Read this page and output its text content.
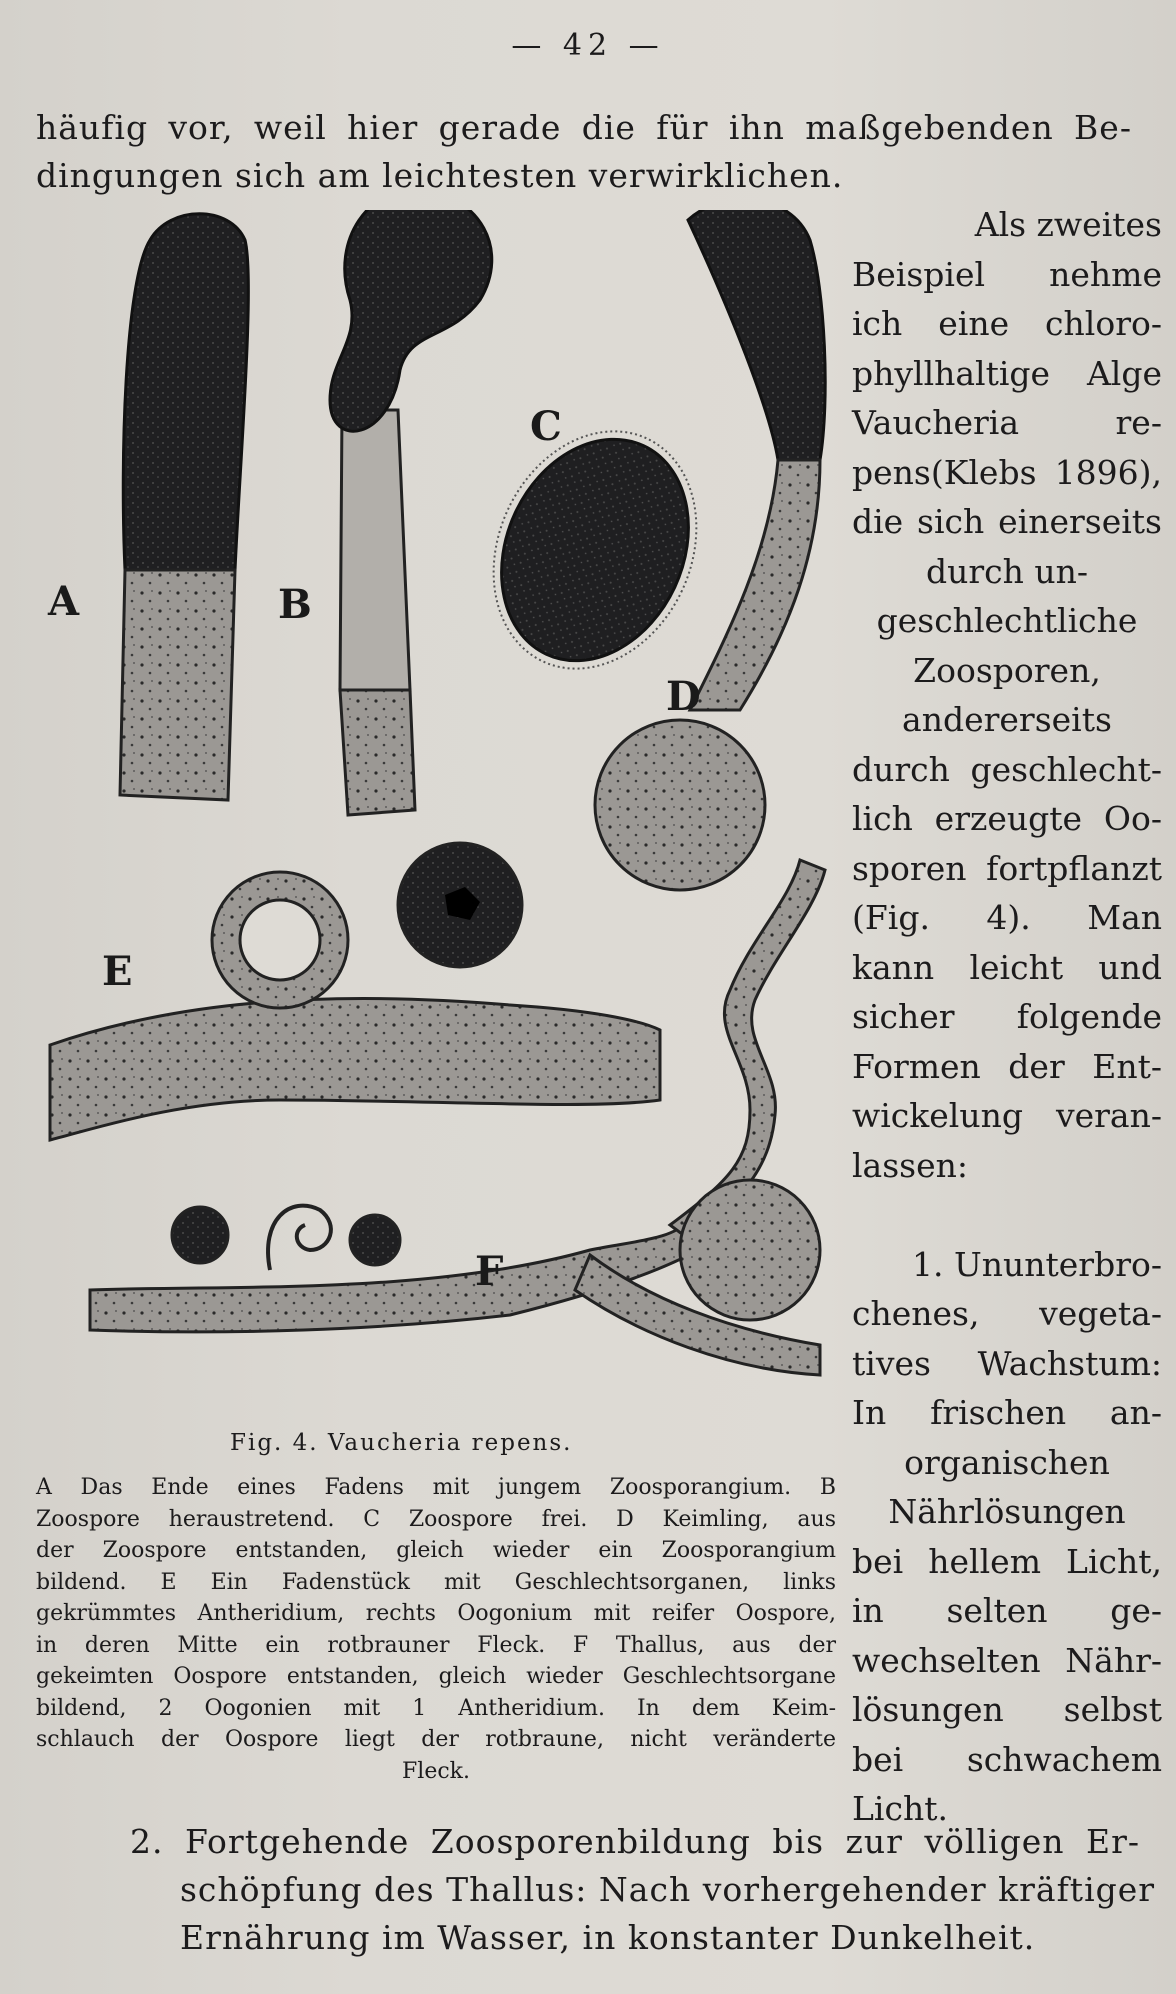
— 42 —
häufig vor, weil hier gerade die für ihn maßgebenden Be-
dingungen sich am leichtesten verwirklichen.
A	B
C
D
E
F
Als zweites
Beispiel nehme
ich eine chloro-
phyllhaltige Alge
Vaucheria re-
pens(Klebs 1896),
die sich einerseits
durch un-
geschlechtliche
Zoosporen,
andererseits
durch geschlecht-
lich erzeugte Oo-
sporen fortpflanzt
(Fig. 4). Man
kann leicht und
sicher folgende
Formen der Ent-
wickelung veran-
lassen:
1. Ununterbro-
chenes, vegeta-
tives Wachstum:
In frischen an-
organischen
Nährlösungen
bei hellem Licht,
in selten ge-
wechselten Nähr-
lösungen selbst
bei schwachem
Licht.
Fig. 4. Vaucheria repens.
A Das Ende eines Fadens mit jungem Zoosporangium. B
Zoospore heraustretend. C Zoospore frei. D Keimling, aus
der Zoospore entstanden, gleich wieder ein Zoosporangium
bildend. E Ein Fadenstück mit Geschlechtsorganen, links
gekrümmtes Antheridium, rechts Oogonium mit reifer Oospore,
in deren Mitte ein rotbrauner Fleck. F Thallus, aus der
gekeimten Oospore entstanden, gleich wieder Geschlechtsorgane
bildend, 2 Oogonien mit 1 Antheridium. In dem Keim-
schlauch der Oospore liegt der rotbraune, nicht veränderte
Fleck.
2. Fortgehende Zoosporenbildung bis zur völligen Er-
schöpfung des Thallus: Nach vorhergehender kräftiger
Ernährung im Wasser, in konstanter Dunkelheit.
